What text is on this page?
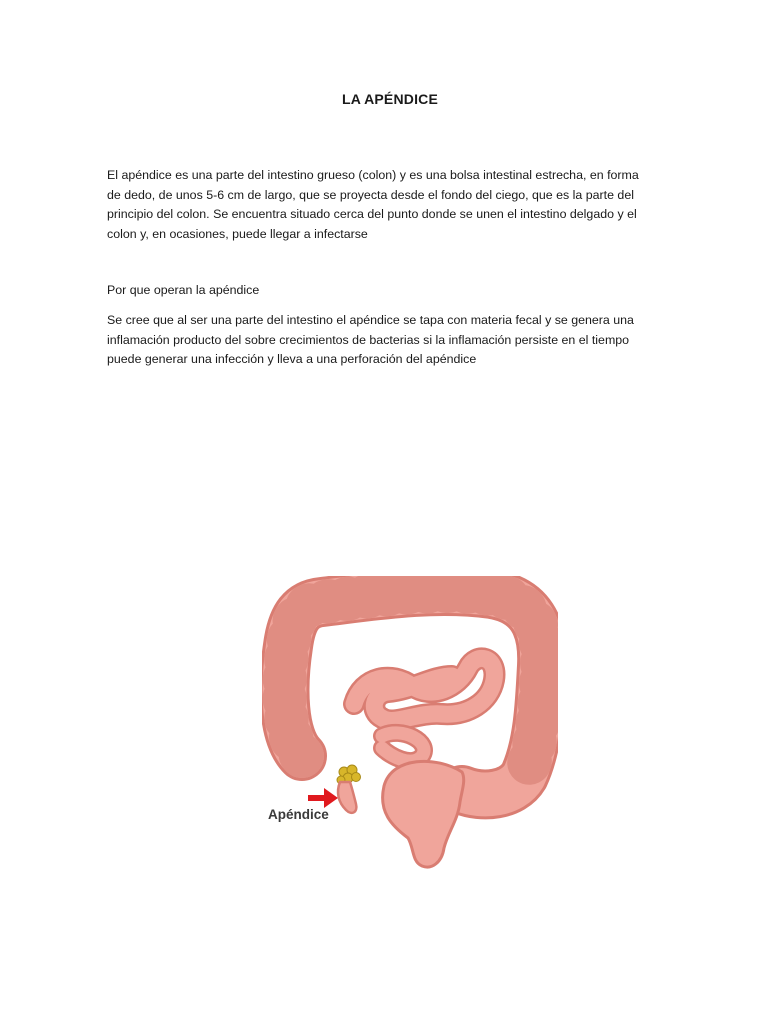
LA APÉNDICE

El apéndice es una parte del intestino grueso (colon) y es una bolsa intestinal estrecha, en forma
de dedo, de unos 5-6 cm de largo, que se proyecta desde el fondo del ciego, que es la parte del
principio del colon. Se encuentra situado cerca del punto donde se unen el intestino delgado y el
colon y, en ocasiones, puede llegar a infectarse

Por que operan la apéndice

Se cree que al ser una parte del intestino el apéndice se tapa con materia fecal y se genera una
inflamación producto del sobre crecimientos de bacterias si la inflamación persiste en el tiempo
puede generar una infección y lleva a una perforación del apéndice

Apéndice
